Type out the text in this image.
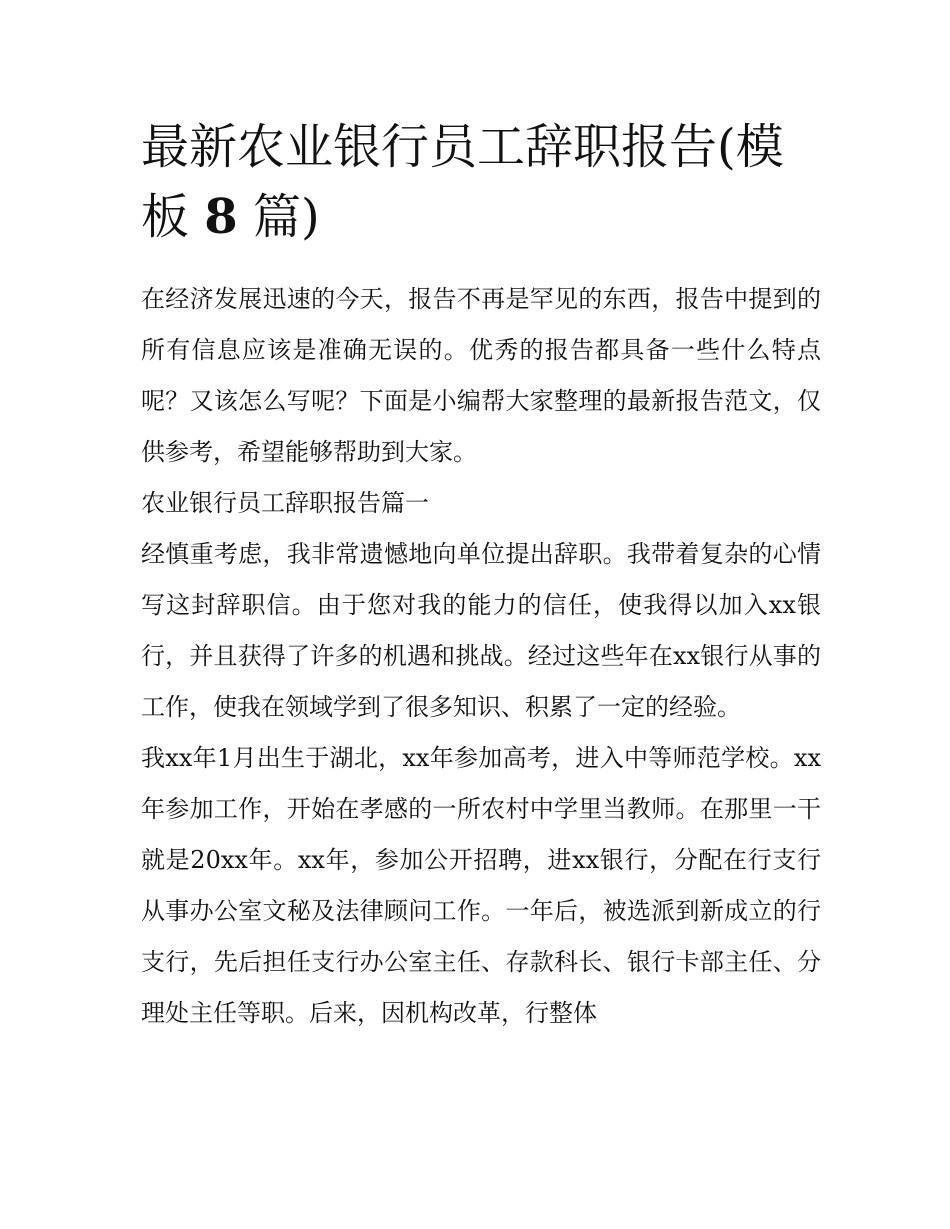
最新农业银行员工辞职报告(模
板 8 篇)

在经济发展迅速的今天，报告不再是罕见的东西，报告中提到的所有信息应该是准确无误的。优秀的报告都具备一些什么特点呢？又该怎么写呢？下面是小编帮大家整理的最新报告范文，仅供参考，希望能够帮助到大家。

农业银行员工辞职报告篇一

经慎重考虑，我非常遗憾地向单位提出辞职。我带着复杂的心情写这封辞职信。由于您对我的能力的信任，使我得以加入xx银行，并且获得了许多的机遇和挑战。经过这些年在xx银行从事的工作，使我在领域学到了很多知识、积累了一定的经验。

我xx年1月出生于湖北，xx年参加高考，进入中等师范学校。xx年参加工作，开始在孝感的一所农村中学里当教师。在那里一干就是20xx年。xx年，参加公开招聘，进xx银行，分配在行支行从事办公室文秘及法律顾问工作。一年后，被选派到新成立的行支行，先后担任支行办公室主任、存款科长、银行卡部主任、分理处主任等职。后来，因机构改革，行整体
